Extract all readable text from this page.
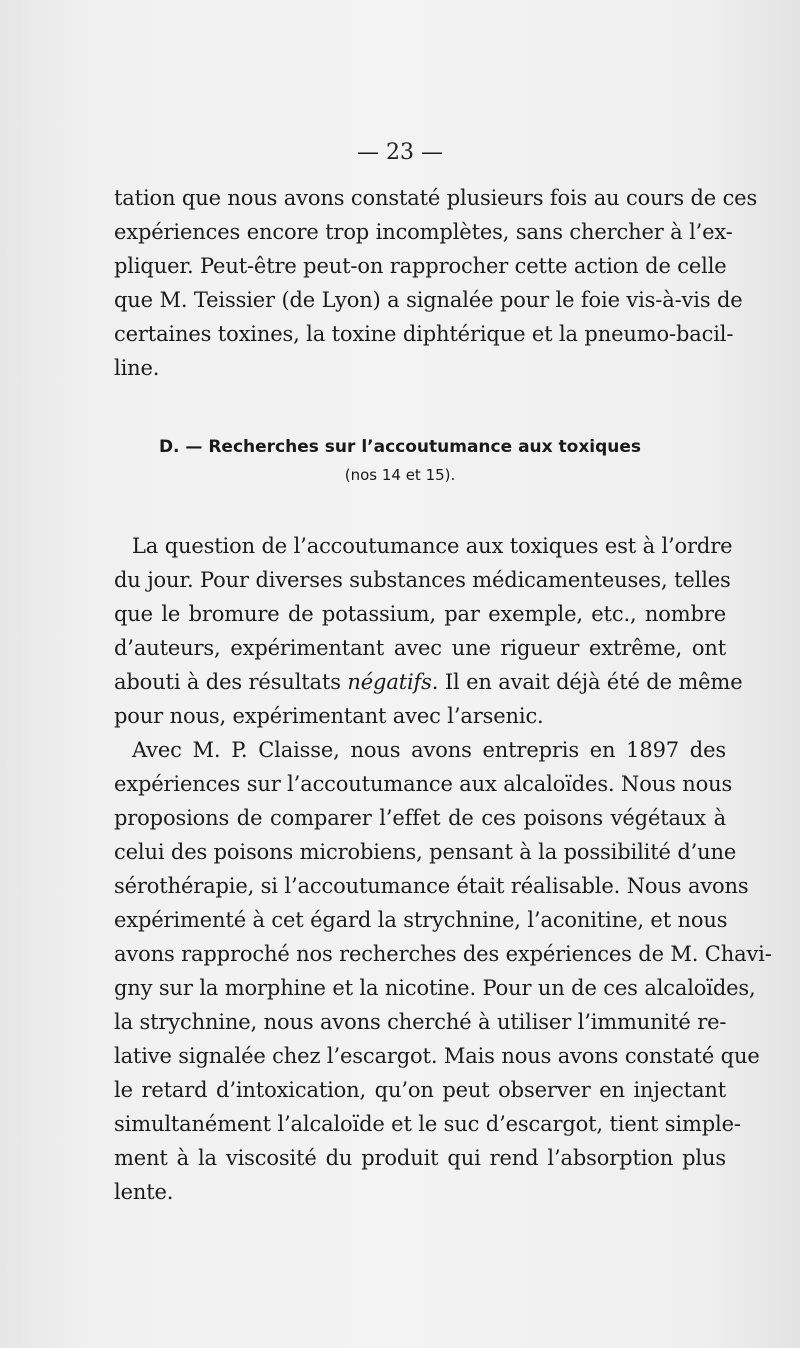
— 23 —
tation que nous avons constaté plusieurs fois au cours de ces
expériences encore trop incomplètes, sans chercher à l’ex-
pliquer. Peut-être peut-on rapprocher cette action de celle
que M. Teissier (de Lyon) a signalée pour le foie vis-à-vis de
certaines toxines, la toxine diphtérique et la pneumo-bacil-
line.
D. — Recherches sur l’accoutumance aux toxiques
(nos 14 et 15).
La question de l’accoutumance aux toxiques est à l’ordre
du jour. Pour diverses substances médicamenteuses, telles
que le bromure de potassium, par exemple, etc., nombre
d’auteurs, expérimentant avec une rigueur extrême, ont
abouti à des résultats négatifs. Il en avait déjà été de même
pour nous, expérimentant avec l’arsenic.
Avec M. P. Claisse, nous avons entrepris en 1897 des
expériences sur l’accoutumance aux alcaloïdes. Nous nous
proposions de comparer l’effet de ces poisons végétaux à
celui des poisons microbiens, pensant à la possibilité d’une
sérothérapie, si l’accoutumance était réalisable. Nous avons
expérimenté à cet égard la strychnine, l’aconitine, et nous
avons rapproché nos recherches des expériences de M. Chavi-
gny sur la morphine et la nicotine. Pour un de ces alcaloïdes,
la strychnine, nous avons cherché à utiliser l’immunité re-
lative signalée chez l’escargot. Mais nous avons constaté que
le retard d’intoxication, qu’on peut observer en injectant
simultanément l’alcaloïde et le suc d’escargot, tient simple-
ment à la viscosité du produit qui rend l’absorption plus
lente.
